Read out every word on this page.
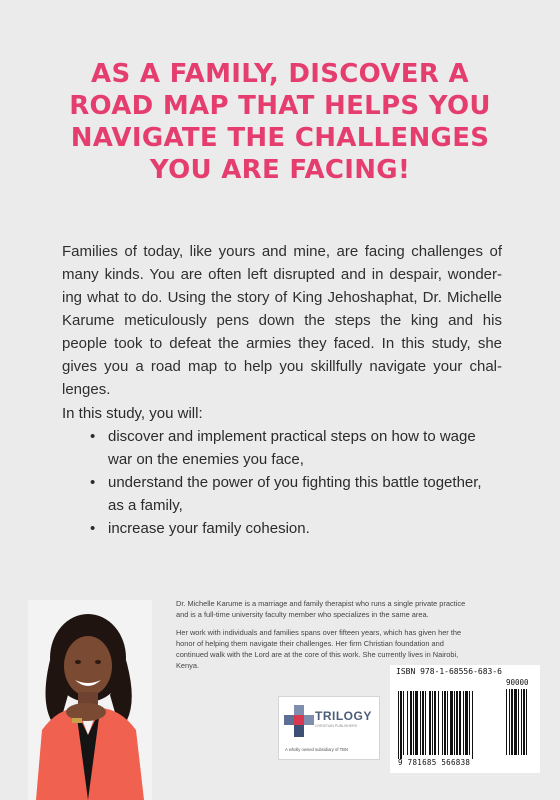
AS A FAMILY, DISCOVER A
ROAD MAP THAT HELPS YOU
NAVIGATE THE CHALLENGES
YOU ARE FACING!
Families of today, like yours and mine, are facing challenges of
many kinds. You are often left disrupted and in despair, wonder-
ing what to do. Using the story of King Jehoshaphat, Dr. Michelle
Karume meticulously pens down the steps the king and his
people took to defeat the armies they faced. In this study, she
gives you a road map to help you skillfully navigate your chal-
lenges.
In this study, you will:
• discover and implement practical steps on how to wage
war on the enemies you face,
• understand the power of you fighting this battle together,
as a family,
• increase your family cohesion.

Dr. Michelle Karume is a marriage and family therapist who runs a single private practice
and is a full-time university faculty member who specializes in the same area.

Her work with individuals and families spans over fifteen years, which has given her the
honor of helping them navigate their challenges. Her firm Christian foundation and
continued walk with the Lord are at the core of this work. She currently lives in Nairobi,
Kenya.

TRILOGY
CHRISTIAN PUBLISHERS
A wholly owned subsidiary of TBN
ISBN 978-1-68556-683-6
90000
9 781685 566838
